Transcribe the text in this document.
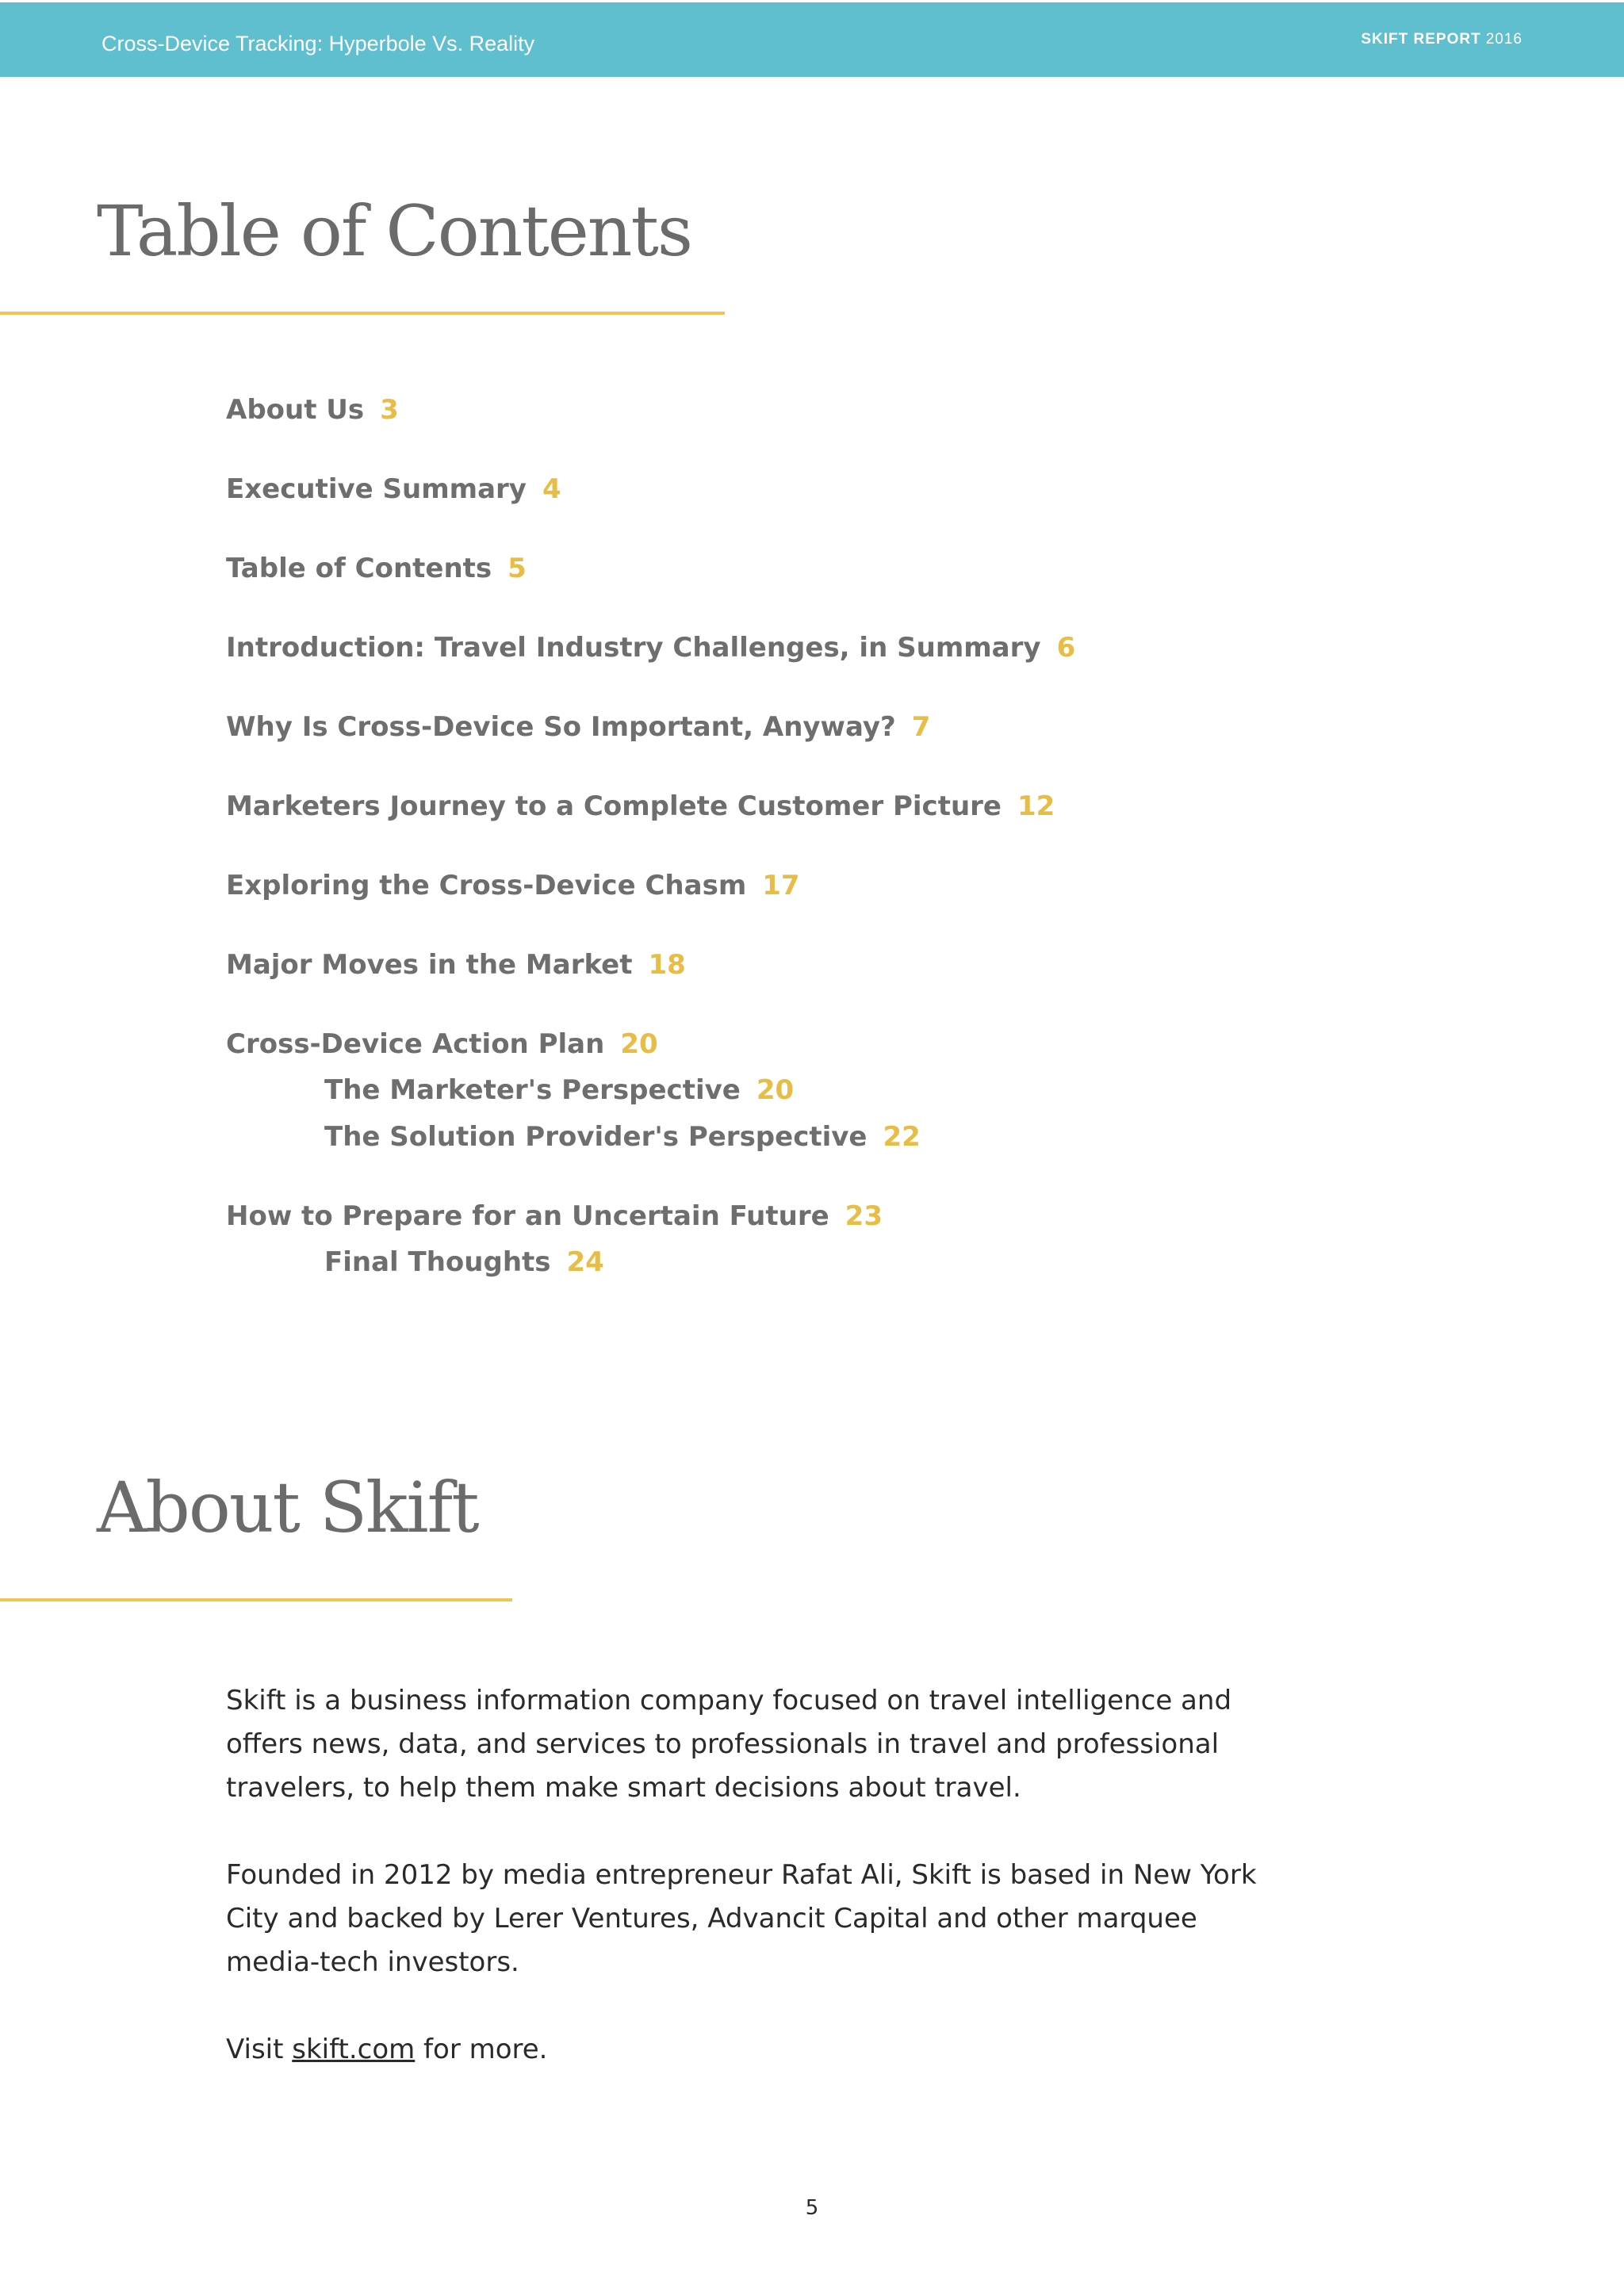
Cross-Device Tracking: Hyperbole Vs. Reality	SKIFT REPORT 2016
Table of Contents
About Us 3
Executive Summary 4
Table of Contents 5
Introduction: Travel Industry Challenges, in Summary 6
Why Is Cross-Device So Important, Anyway? 7
Marketers Journey to a Complete Customer Picture 12
Exploring the Cross-Device Chasm 17
Major Moves in the Market 18
Cross-Device Action Plan 20
The Marketer's Perspective 20
The Solution Provider's Perspective 22
How to Prepare for an Uncertain Future 23
Final Thoughts 24
About Skift

Skift is a business information company focused on travel intelligence and offers news, data, and services to professionals in travel and professional travelers, to help them make smart decisions about travel.

Founded in 2012 by media entrepreneur Rafat Ali, Skift is based in New York City and backed by Lerer Ventures, Advancit Capital and other marquee media-tech investors.

Visit skift.com for more.

5
